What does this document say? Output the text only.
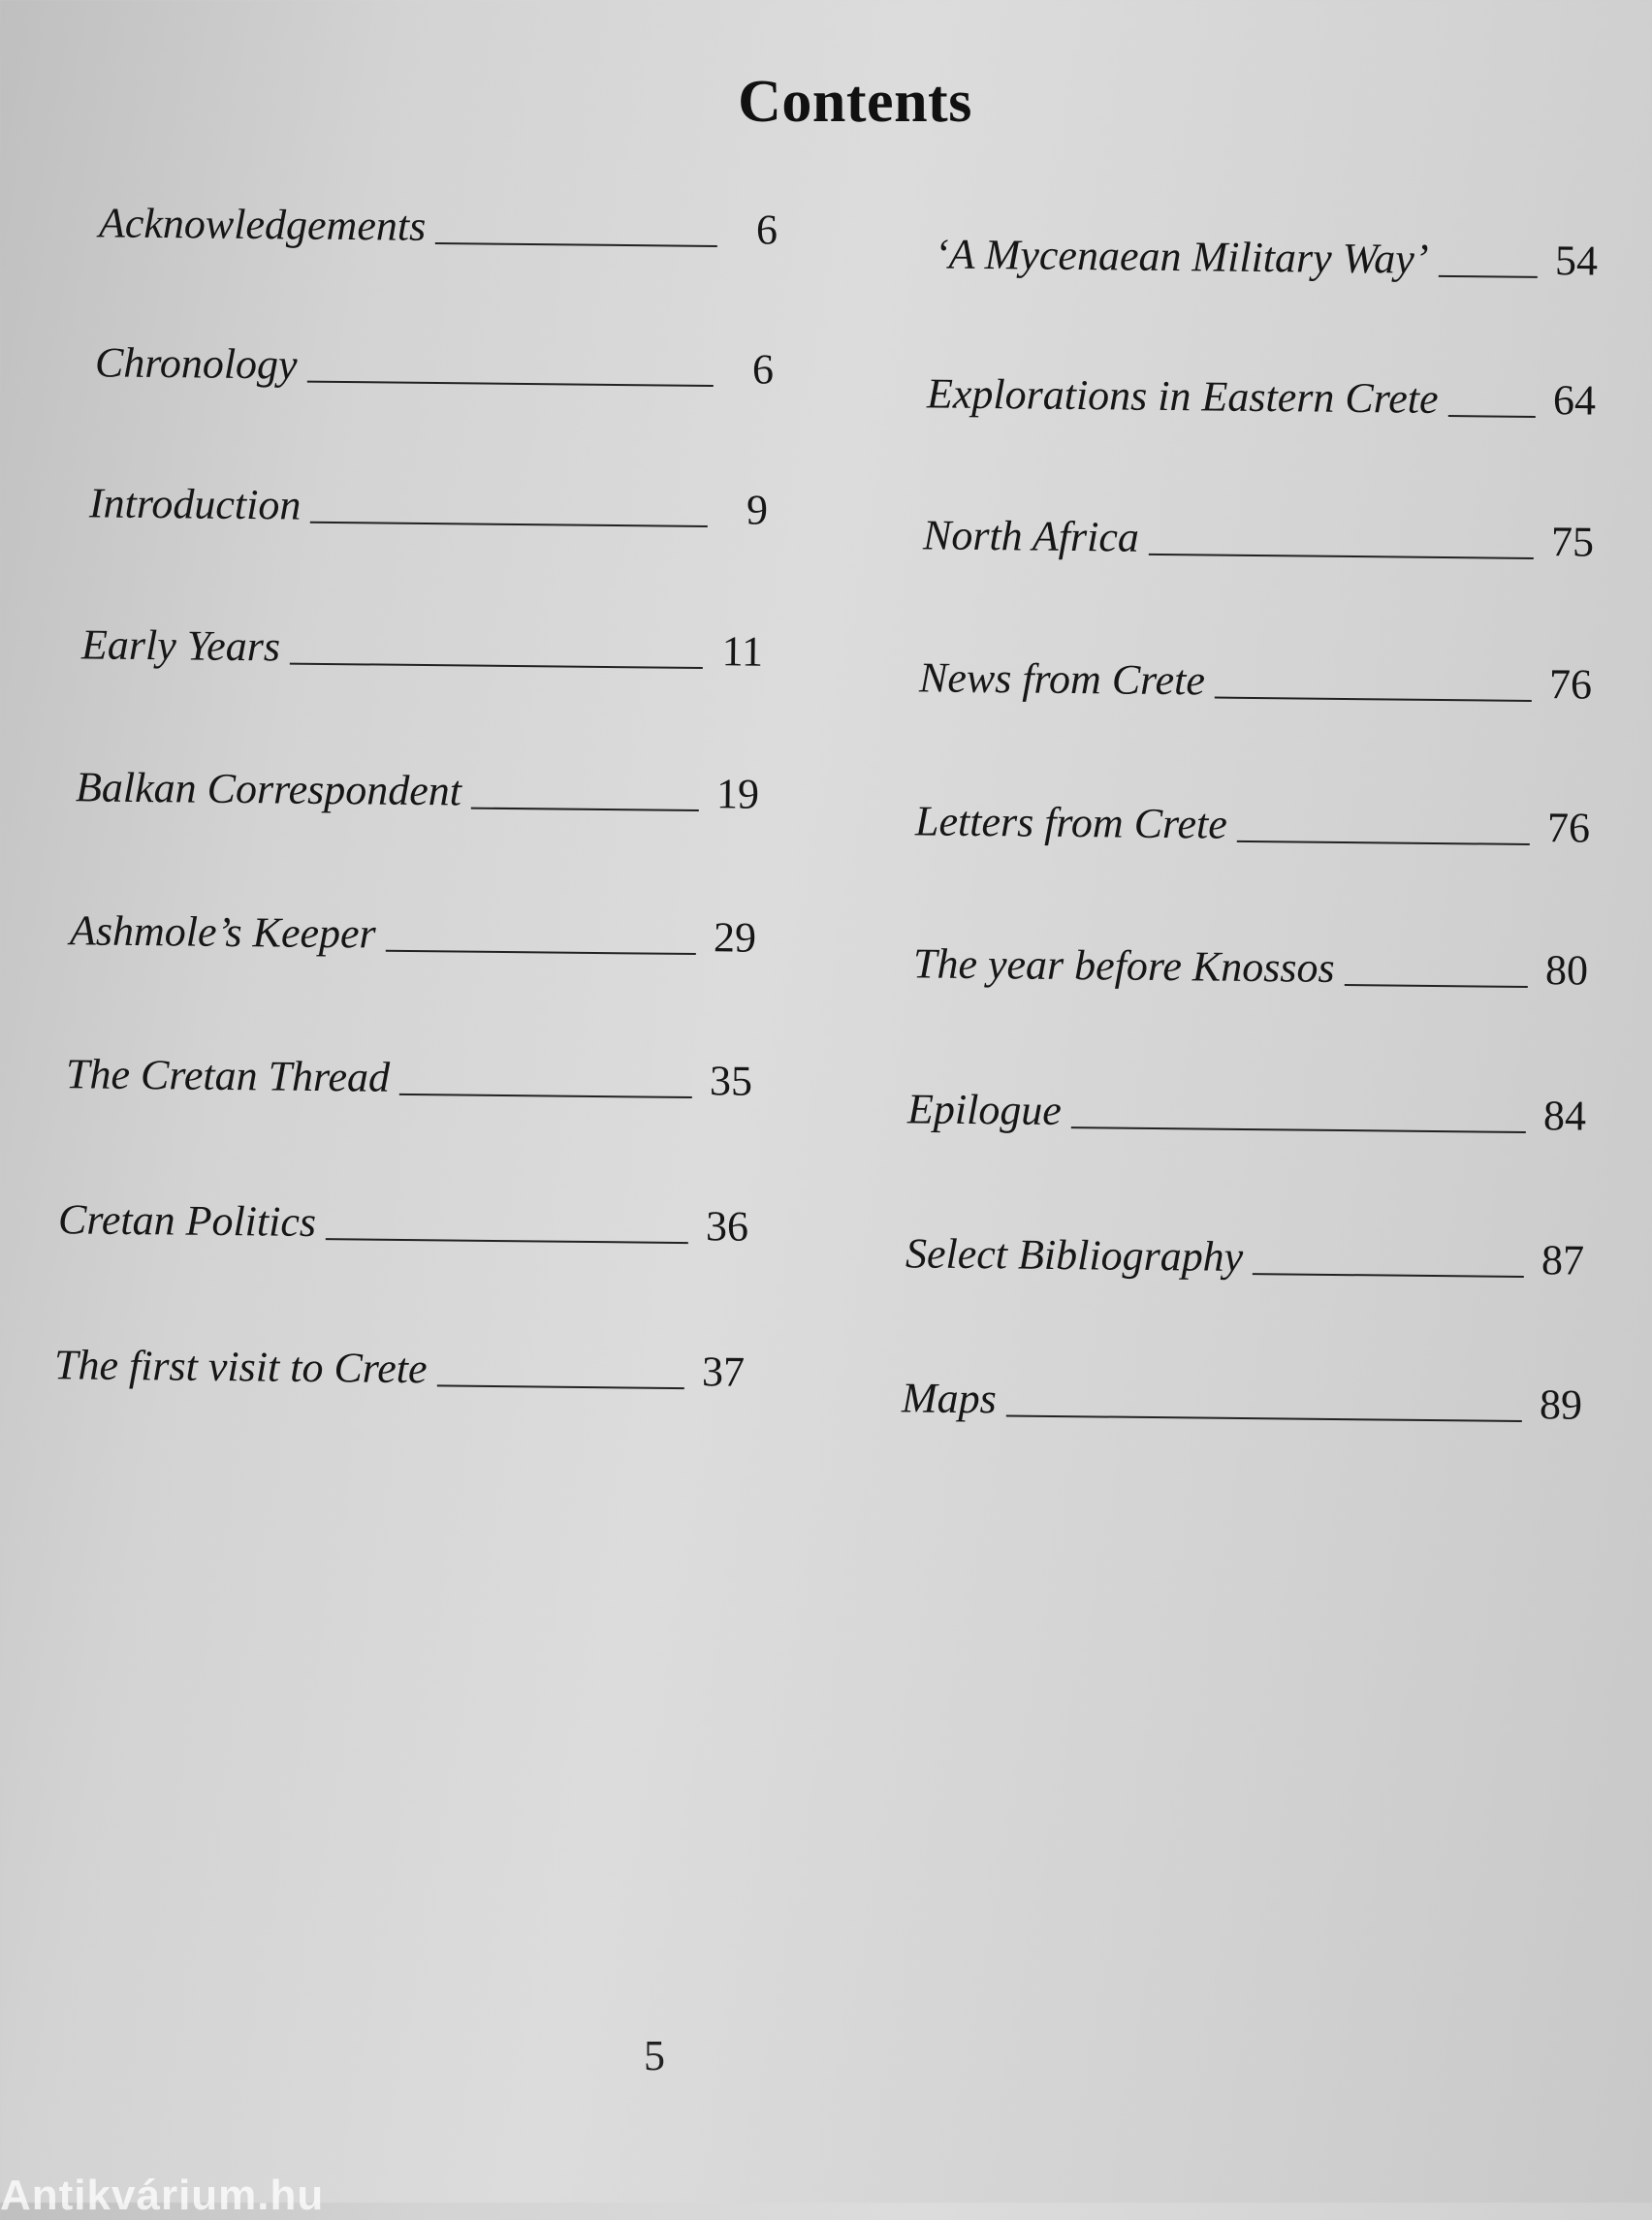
Contents
Acknowledgements	6
Chronology	6
Introduction	9
Early Years	11
Balkan Correspondent	19
Ashmole’s Keeper	29
The Cretan Thread	35
Cretan Politics	36
The first visit to Crete	37
‘A Mycenaean Military Way’	54
Explorations in Eastern Crete	64
North Africa	75
News from Crete	76
Letters from Crete	76
The year before Knossos	80
Epilogue	84
Select Bibliography	87
Maps	89
5
Antikvárium.hu
